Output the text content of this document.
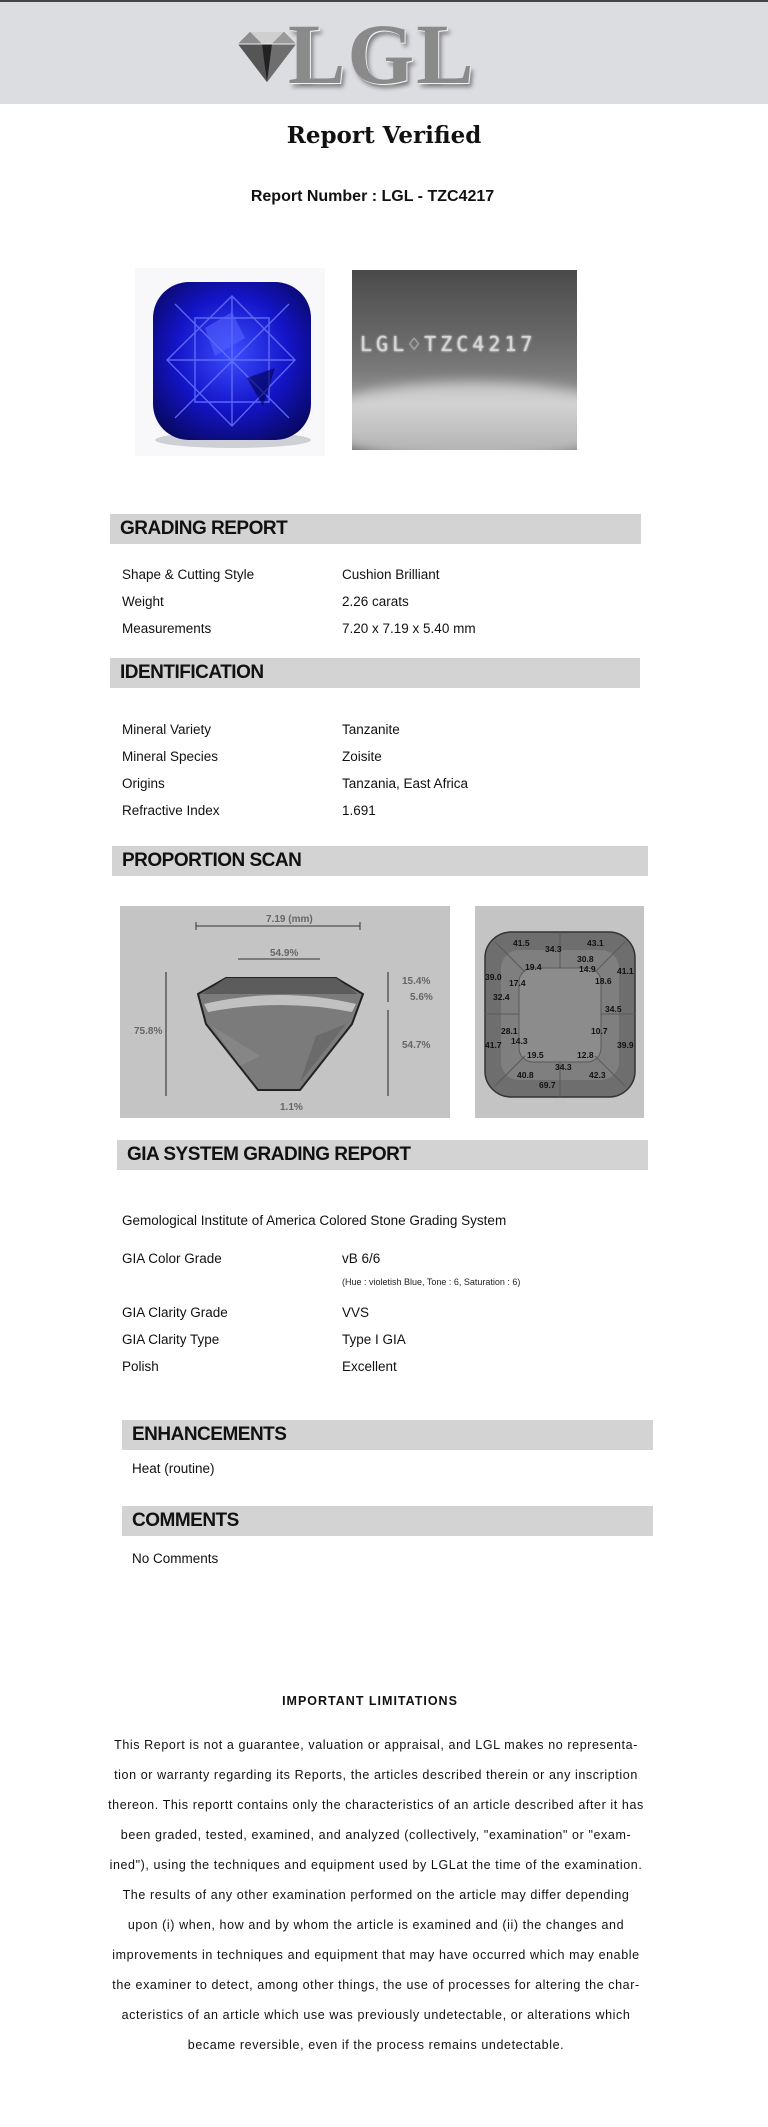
LGL
Report Verified
Report Number : LGL - TZC4217
LGL♢TZC4217
GRADING REPORT
Shape & Cutting Style	Cushion Brilliant
Weight	2.26 carats
Measurements	7.20 x 7.19 x 5.40 mm
IDENTIFICATION
Mineral Variety	Tanzanite
Mineral Species	Zoisite
Origins	Tanzania, East Africa
Refractive Index	1.691
PROPORTION SCAN
7.19 (mm)
54.9%
75.8%
15.4%
5.6%
54.7%
1.1%
41.5
34.3
43.1
30.8
14.9
19.4
39.0
17.4	18.6
41.1
32.4
34.5
28.1	10.7
14.3
41.7	39.9
19.5	12.8
34.3
40.8	42.3
69.7
GIA SYSTEM GRADING REPORT
Gemological Institute of America Colored Stone Grading System
GIA Color Grade	vB 6/6
(Hue : violetish Blue, Tone : 6, Saturation : 6)
GIA Clarity Grade	VVS
GIA Clarity Type	Type I GIA
Polish	Excellent
ENHANCEMENTS
Heat (routine)
COMMENTS
No Comments
IMPORTANT LIMITATIONS
This Report is not a guarantee, valuation or appraisal, and LGL makes no representa-
tion or warranty regarding its Reports, the articles described therein or any inscription
thereon. This reportt contains only the characteristics of an article described after it has
been graded, tested, examined, and analyzed (collectively, "examination" or "exam-
ined"), using the techniques and equipment used by LGLat the time of the examination.
The results of any other examination performed on the article may differ depending
upon (i) when, how and by whom the article is examined and (ii) the changes and
improvements in techniques and equipment that may have occurred which may enable
the examiner to detect, among other things, the use of processes for altering the char-
acteristics of an article which use was previously undetectable, or alterations which
became reversible, even if the process remains undetectable.
